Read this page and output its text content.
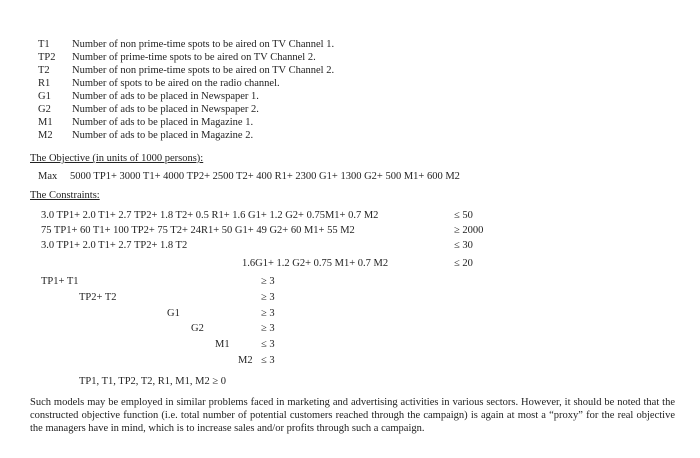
T1	Number of non prime-time spots to be aired on TV Channel 1.
TP2	Number of prime-time spots to be aired on TV Channel 2.
T2	Number of non prime-time spots to be aired on TV Channel 2.
R1	Number of spots to be aired on the radio channel.
G1	Number of ads to be placed in Newspaper 1.
G2	Number of ads to be placed in Newspaper 2.
M1	Number of ads to be placed in Magazine 1.
M2	Number of ads to be placed in Magazine 2.
The Objective (in units of 1000 persons):
Max 5000 TP1+ 3000 T1+ 4000 TP2+ 2500 T2+ 400 R1+ 2300 G1+ 1300 G2+ 500 M1+ 600 M2
The Constraints:
3.0 TP1+ 2.0 T1+ 2.7 TP2+ 1.8 T2+ 0.5 R1+ 1.6 G1+ 1.2 G2+ 0.75M1+ 0.7 M2	≤ 50
75 TP1+ 60 T1+ 100 TP2+ 75 T2+ 24R1+ 50 G1+ 49 G2+ 60 M1+ 55 M2	≥ 2000
3.0 TP1+ 2.0 T1+ 2.7 TP2+ 1.8 T2	≤ 30
1.6G1+ 1.2 G2+ 0.75 M1+ 0.7 M2	≤ 20
TP1+ T1	≥ 3
TP2+ T2	≥ 3
G1	≥ 3
G2	≥ 3
M1	≤ 3
M2 ≤ 3
TP1, T1, TP2, T2, R1, M1, M2 ≥ 0
Such models may be employed in similar problems faced in marketing and advertising activities in various sectors. However, it should be noted that the constructed objective function (i.e. total number of potential customers reached through the campaign) is again at most a “proxy” for the real objective the managers have in mind, which is to increase sales and/or profits through such a campaign.
